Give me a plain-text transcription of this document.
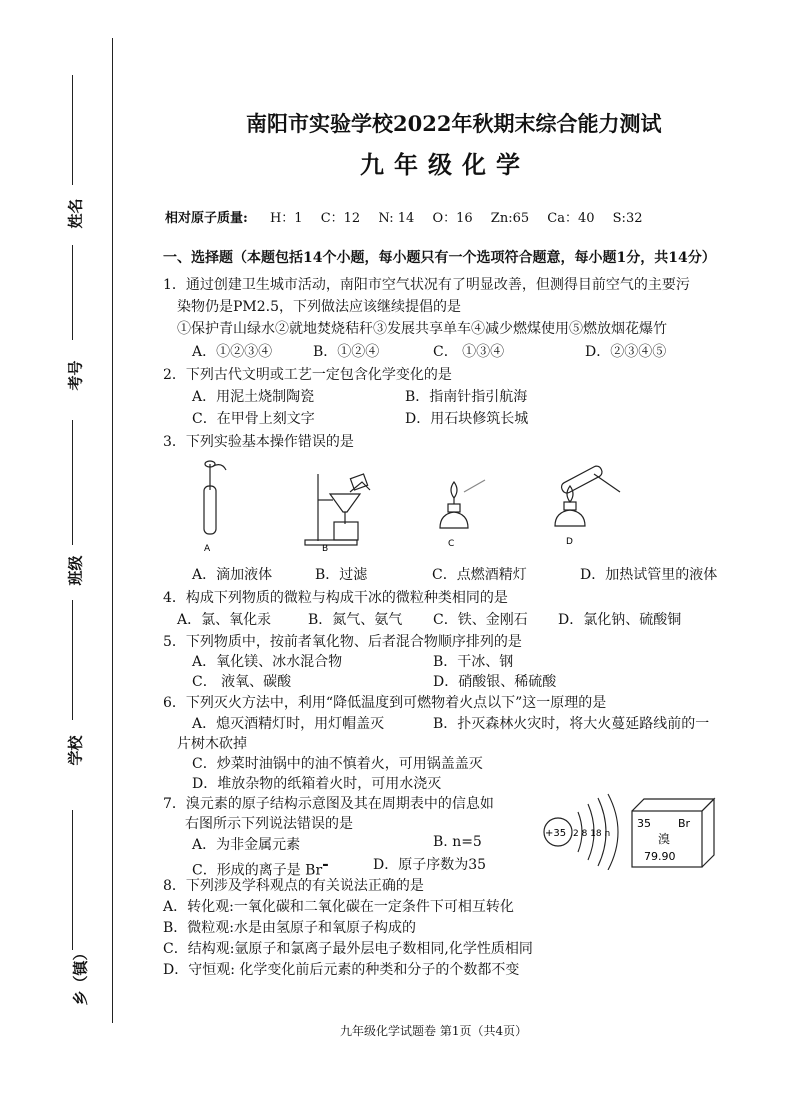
姓名
考号
班级
学校
乡（镇）
南阳市实验学校2022年秋期末综合能力测试
九年级化学
相对原子质量: H：1 C：12 N: 14 O：16 Zn:65 Ca：40 S:32
一、选择题（本题包括14个小题，每小题只有一个选项符合题意，每小题1分，共14分）
1．通过创建卫生城市活动，南阳市空气状况有了明显改善，但测得目前空气的主要污
染物仍是PM2.5，下列做法应该继续提倡的是
①保护青山绿水②就地焚烧秸秆③发展共享单车④减少燃煤使用⑤燃放烟花爆竹
A．①②③④	B．①②④	C． ①③④	D．②③④⑤
2．下列古代文明或工艺一定包含化学变化的是
A．用泥土烧制陶瓷	B．指南针指引航海
C．在甲骨上刻文字	D．用石块修筑长城
3．下列实验基本操作错误的是
A	B	C	D
A．滴加液体	B．过滤	C．点燃酒精灯	D．加热试管里的液体
4．构成下列物质的微粒与构成干冰的微粒种类相同的是
A．氯、氧化汞	B．氮气、氨气 C．铁、金刚石 D．氯化钠、硫酸铜
5．下列物质中，按前者氧化物、后者混合物顺序排列的是
A．氧化镁、冰水混合物	B．干冰、钢
C． 液氧、碳酸	D．硝酸银、稀硫酸
6．下列灭火方法中，利用“降低温度到可燃物着火点以下”这一原理的是
A．熄灭酒精灯时，用灯帽盖灭	B．扑灭森林火灾时，将大火蔓延路线前的一
片树木砍掉
C．炒菜时油锅中的油不慎着火，可用锅盖盖灭
D．堆放杂物的纸箱着火时，可用水浇灭
7．溴元素的原子结构示意图及其在周期表中的信息如
右图所示下列说法错误的是
A．为非金属元素	B. n=5
C．形成的离子是 Br-	D．原子序数为35
+35 2 8 18 n
35 Br
溴
79.90
8．下列涉及学科观点的有关说法正确的是
A．转化观:一氧化碳和二氧化碳在一定条件下可相互转化
B．微粒观:水是由氢原子和氧原子构成的
C．结构观:氩原子和氯离子最外层电子数相同,化学性质相同
D．守恒观: 化学变化前后元素的种类和分子的个数都不变
九年级化学试题卷 第1页（共4页）
